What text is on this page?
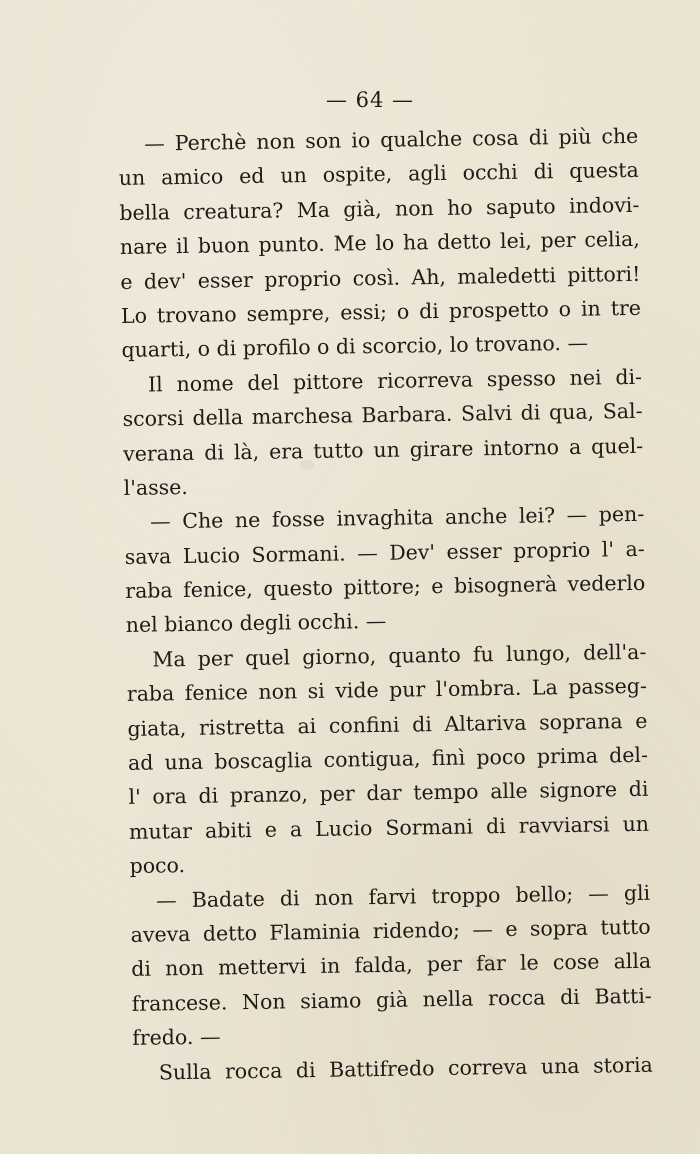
— 64 —
— Perchè non son io qualche cosa di più che
un amico ed un ospite, agli occhi di questa
bella creatura? Ma già, non ho saputo indovi-
nare il buon punto. Me lo ha detto lei, per celia,
e dev' esser proprio così. Ah, maledetti pittori!
Lo trovano sempre, essi; o di prospetto o in tre
quarti, o di profilo o di scorcio, lo trovano. —
Il nome del pittore ricorreva spesso nei di-
scorsi della marchesa Barbara. Salvi di qua, Sal-
verana di là, era tutto un girare intorno a quel-
l'asse.
— Che ne fosse invaghita anche lei? — pen-
sava Lucio Sormani. — Dev' esser proprio l' a-
raba fenice, questo pittore; e bisognerà vederlo
nel bianco degli occhi. —
Ma per quel giorno, quanto fu lungo, dell'a-
raba fenice non si vide pur l'ombra. La passeg-
giata, ristretta ai confini di Altariva soprana e
ad una boscaglia contigua, finì poco prima del-
l' ora di pranzo, per dar tempo alle signore di
mutar abiti e a Lucio Sormani di ravviarsi un
poco.
— Badate di non farvi troppo bello; — gli
aveva detto Flaminia ridendo; — e sopra tutto
di non mettervi in falda, per far le cose alla
francese. Non siamo già nella rocca di Batti-
fredo. —
Sulla rocca di Battifredo correva una storia
